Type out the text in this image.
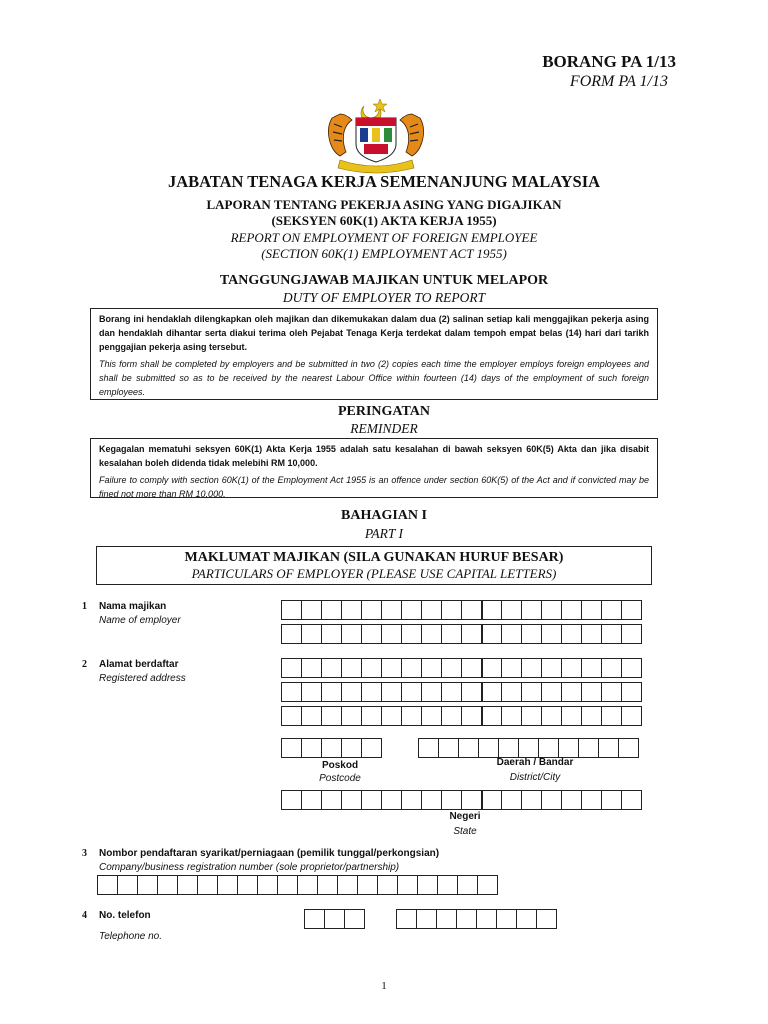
BORANG PA 1/13
FORM PA 1/13
JABATAN TENAGA KERJA SEMENANJUNG MALAYSIA
LAPORAN TENTANG PEKERJA ASING YANG DIGAJIKAN
(SEKSYEN 60K(1) AKTA KERJA 1955)
REPORT ON EMPLOYMENT OF FOREIGN EMPLOYEE
(SECTION 60K(1) EMPLOYMENT ACT 1955)
TANGGUNGJAWAB MAJIKAN UNTUK MELAPOR
DUTY OF EMPLOYER TO REPORT

Borang ini hendaklah dilengkapkan oleh majikan dan dikemukakan dalam dua (2) salinan setiap kali menggajikan pekerja asing dan hendaklah dihantar serta diakui terima oleh Pejabat Tenaga Kerja terdekat dalam tempoh empat belas (14) hari dari tarikh penggajian pekerja asing tersebut.

This form shall be completed by employers and be submitted in two (2) copies each time the employer employs foreign employees and shall be submitted so as to be received by the nearest Labour Office within fourteen (14) days of the employment of such foreign employees.

PERINGATAN
REMINDER

Kegagalan mematuhi seksyen 60K(1) Akta Kerja 1955 adalah satu kesalahan di bawah seksyen 60K(5) Akta dan jika disabit kesalahan boleh didenda tidak melebihi RM 10,000.

Failure to comply with section 60K(1) of the Employment Act 1955 is an offence under section 60K(5) of the Act and if convicted may be fined not more than RM 10,000.

BAHAGIAN I
PART I
MAKLUMAT MAJIKAN (SILA GUNAKAN HURUF BESAR)
PARTICULARS OF EMPLOYER (PLEASE USE CAPITAL LETTERS)
1 Nama majikan
Name of employer
2 Alamat berdaftar
Registered address
Poskod
Postcode
Daerah / Bandar
District/City
Negeri
State
3 Nombor pendaftaran syarikat/perniagaan (pemilik tunggal/perkongsian)
Company/business registration number (sole proprietor/partnership)
4 No. telefon
Telephone no.
1
